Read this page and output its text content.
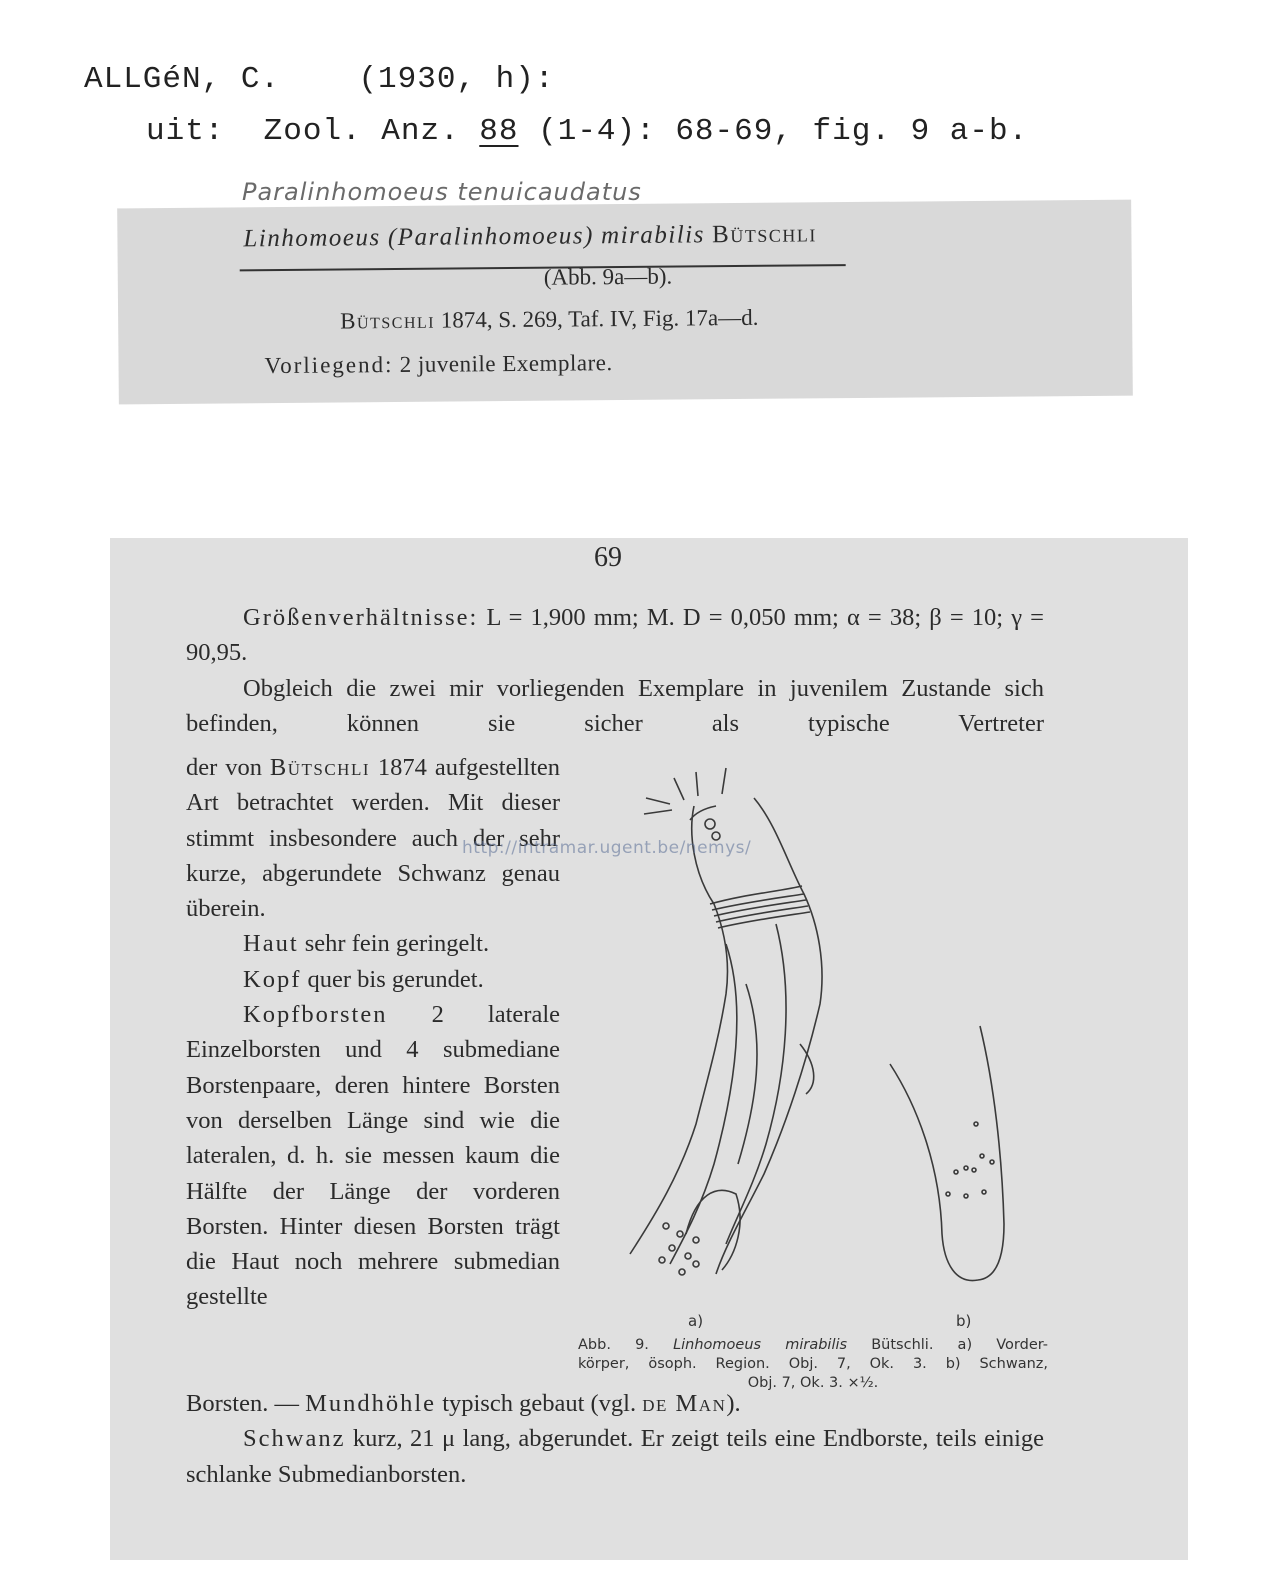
ALLGéN, C.	(1930, h):
uit: Zool. Anz. 88 (1-4): 68-69, fig. 9 a-b.
Paralinhomoeus tenuicaudatus
Linhomoeus (Paralinhomoeus) mirabilis Bütschli
(Abb. 9a—b).
Bütschli 1874, S. 269, Taf. IV, Fig. 17a—d.
Vorliegend: 2 juvenile Exemplare.
69

Größenverhältnisse: L = 1,900 mm; M. D = 0,050 mm; α = 38; β = 10; γ = 90,95.

Obgleich die zwei mir vorliegenden Exemplare in juvenilem Zustande sich befinden, können sie sicher als typische Vertreter

der von Bütschli 1874 aufgestellten Art betrachtet werden. Mit dieser stimmt insbesondere auch der sehr kurze, abgerundete Schwanz genau überein.

Haut sehr fein geringelt.

Kopf quer bis gerundet.

Kopfborsten 2 laterale Einzelborsten und 4 submediane Borstenpaare, deren hintere Borsten von derselben Länge sind wie die lateralen, d. h. sie messen kaum die Hälfte der Länge der vorderen Borsten. Hinter diesen Borsten trägt die Haut noch mehrere submedian gestellte

Borsten. — Mundhöhle typisch gebaut (vgl. de Man).

Schwanz kurz, 21 μ lang, abgerundet. Er zeigt teils eine Endborste, teils einige schlanke Submedianborsten.

a)	b)
Abb. 9. Linhomoeus mirabilis Bütschli. a) Vorder-
körper, ösoph. Region. Obj. 7, Ok. 3. b) Schwanz,
Obj. 7, Ok. 3. ×½.
http://intramar.ugent.be/nemys/
